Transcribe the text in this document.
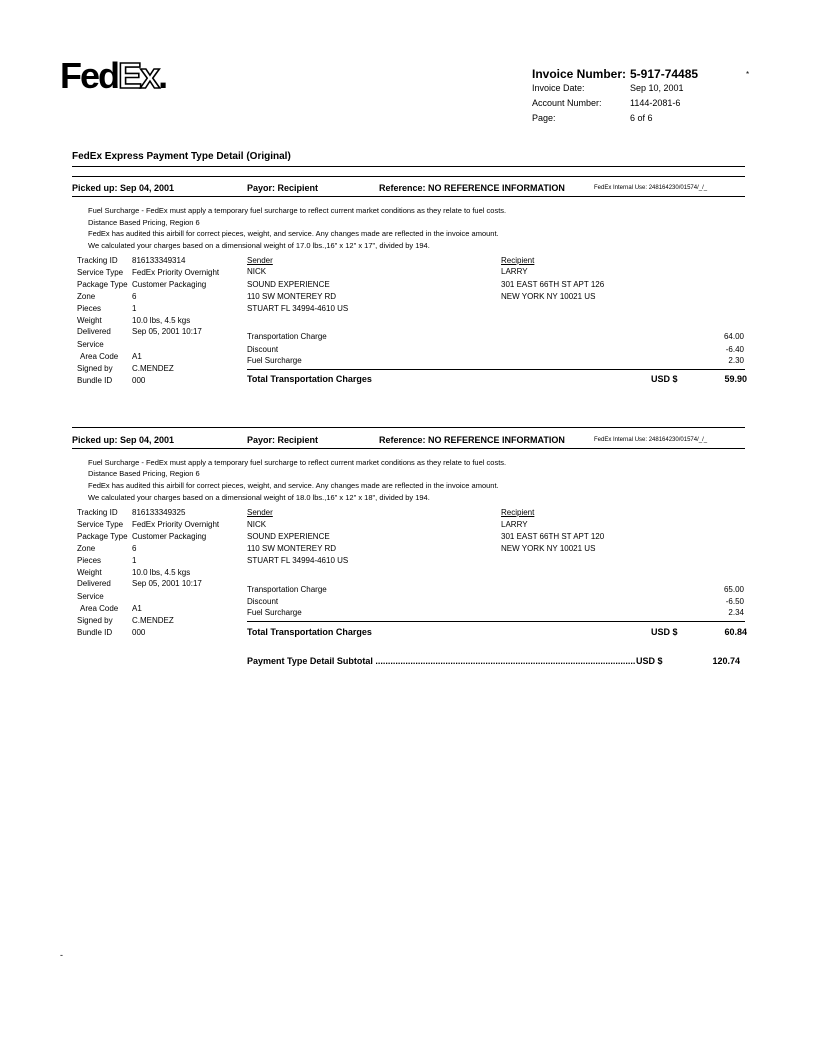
FedEx.	Invoice Number: 5-917-74485	*
Invoice Date:	Sep 10, 2001
Account Number:	1144-2081-6
Page:	6 of 6
FedEx Express Payment Type Detail (Original)
Picked up: Sep 04, 2001	Payor: Recipient	Reference: NO REFERENCE INFORMATION	FedEx Internal Use: 248164230/01574/_/_
Fuel Surcharge - FedEx must apply a temporary fuel surcharge to reflect current market conditions as they relate to fuel costs.
Distance Based Pricing, Region 6
FedEx has audited this airbill for correct pieces, weight, and service. Any changes made are reflected in the invoice amount.
We calculated your charges based on a dimensional weight of 17.0 lbs.,16" x 12" x 17", divided by 194.
Tracking ID 816133349314
Service Type FedEx Priority Overnight
Package Type Customer Packaging
Zone	6
Pieces	1
Weight	10.0 lbs, 4.5 kgs
Delivered	Sep 05, 2001 10:17
Service
Area Code A1
Signed by C.MENDEZ
Bundle ID 000
Sender
NICK
SOUND EXPERIENCE
110 SW MONTEREY RD
STUART FL 34994-4610 US
Recipient
LARRY
301 EAST 66TH ST APT 126
NEW YORK NY 10021 US
Transportation Charge	64.00
Discount	-6.40
Fuel Surcharge	2.30
Total Transportation Charges	USD $	59.90
Picked up: Sep 04, 2001	Payor: Recipient	Reference: NO REFERENCE INFORMATION	FedEx Internal Use: 248164230/01574/_/_
Fuel Surcharge - FedEx must apply a temporary fuel surcharge to reflect current market conditions as they relate to fuel costs.
Distance Based Pricing, Region 6
FedEx has audited this airbill for correct pieces, weight, and service. Any changes made are reflected in the invoice amount.
We calculated your charges based on a dimensional weight of 18.0 lbs.,16" x 12" x 18", divided by 194.
Tracking ID 816133349325
Service Type FedEx Priority Overnight
Package Type Customer Packaging
Zone	6
Pieces	1
Weight	10.0 lbs, 4.5 kgs
Delivered	Sep 05, 2001 10:17
Service
Area Code A1
Signed by C.MENDEZ
Bundle ID 000
Sender
NICK
SOUND EXPERIENCE
110 SW MONTEREY RD
STUART FL 34994-4610 US
Recipient
LARRY
301 EAST 66TH ST APT 120
NEW YORK NY 10021 US
Transportation Charge	65.00
Discount	-6.50
Fuel Surcharge	2.34
Total Transportation Charges	USD $	60.84
Payment Type Detail Subtotal ........................................................................................................ USD $	120.74
-
